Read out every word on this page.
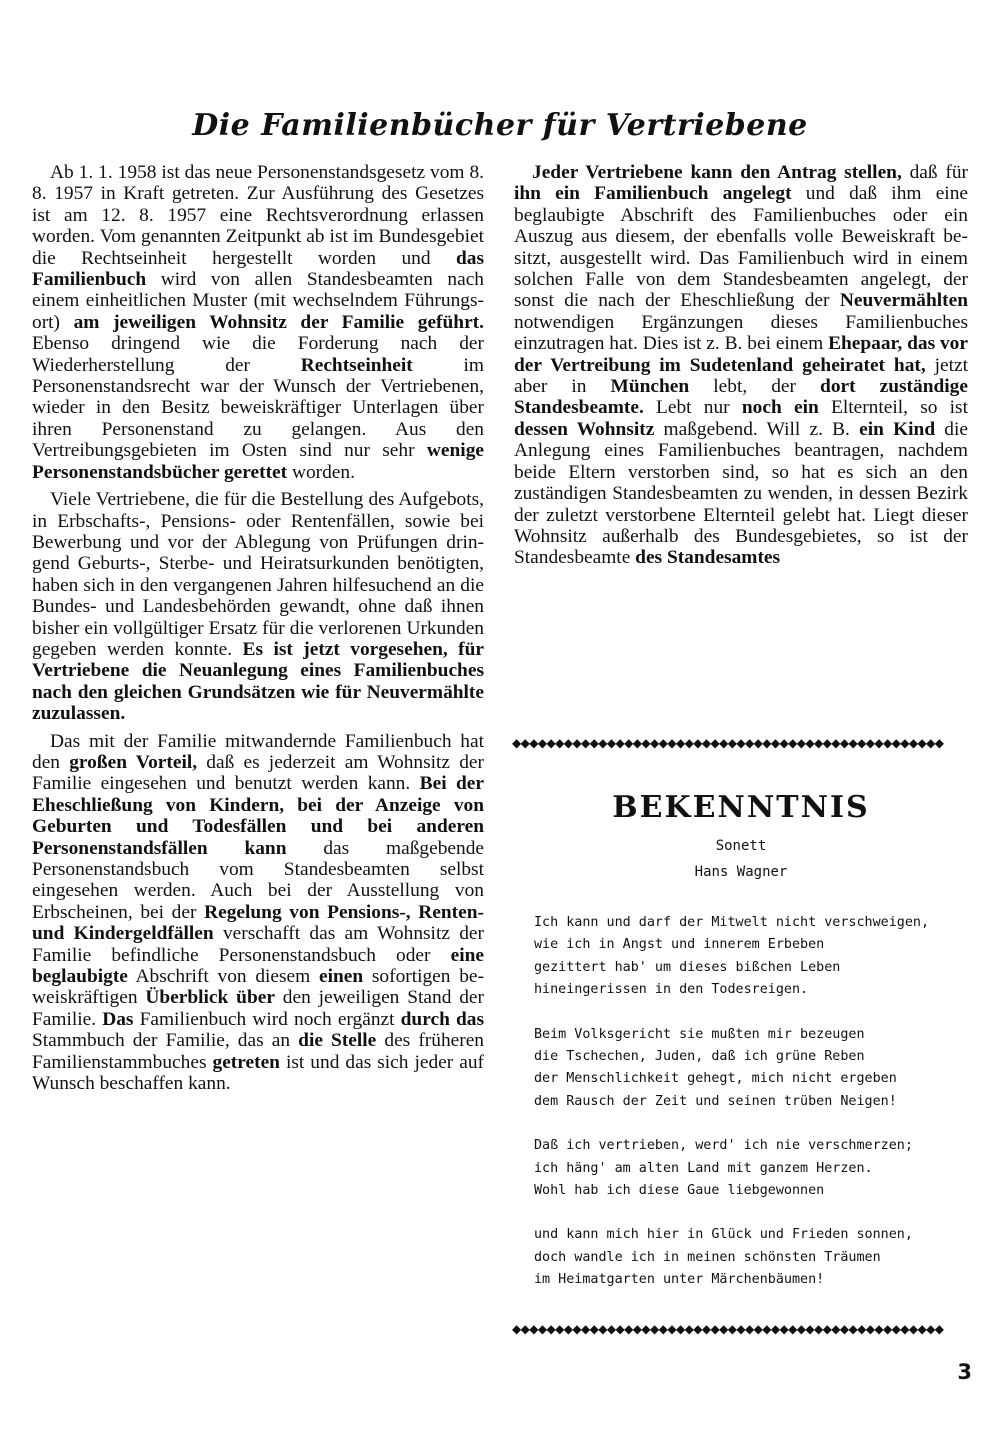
Die Familienbücher für Vertriebene

Ab 1. 1. 1958 ist das neue Personenstandsgesetz vom 8. 8. 1957 in Kraft getreten. Zur Ausführung des Gesetzes ist am 12. 8. 1957 eine Rechtsverordnung erlassen worden. Vom genannten Zeitpunkt ab ist im Bundesgebiet die Rechtseinheit hergestellt worden und das Familienbuch wird von allen Standesbeamten nach einem einheitlichen Muster (mit wechselndem Führungsort) am jeweiligen Wohnsitz der Familie geführt. Ebenso dringend wie die Forderung nach der Wiederherstellung der Rechtseinheit im Personenstandsrecht war der Wunsch der Vertriebenen, wieder in den Besitz beweiskräftiger Unterlagen über ihren Personenstand zu gelangen. Aus den Vertreibungsgebieten im Osten sind nur sehr wenige Personenstandsbücher gerettet worden.

Viele Vertriebene, die für die Bestellung des Aufgebots, in Erbschafts-, Pensions- oder Rentenfällen, sowie bei Bewerbung und vor der Ablegung von Prüfungen dringend Geburts-, Sterbe- und Heiratsurkunden benötigten, haben sich in den vergangenen Jahren hilfesuchend an die Bundes- und Landesbehörden gewandt, ohne daß ihnen bisher ein vollgültiger Ersatz für die verlorenen Urkunden gegeben werden konnte. Es ist jetzt vorgesehen, für Vertriebene die Neuanlegung eines Familienbuches nach den gleichen Grundsätzen wie für Neuvermählte zuzulassen.

Das mit der Familie mitwandernde Familienbuch hat den großen Vorteil, daß es jederzeit am Wohnsitz der Familie eingesehen und benutzt werden kann. Bei der Eheschließung von Kindern, bei der Anzeige von Geburten und Todesfällen und bei anderen Personenstandsfällen kann das maßgebende Personenstandsbuch vom Standesbeamten selbst eingesehen werden. Auch bei der Ausstellung von Erbscheinen, bei der Regelung von Pensions-, Renten- und Kindergeldfällen verschafft das am Wohnsitz der Familie befindliche Personenstandsbuch oder eine beglaubigte Abschrift von diesem einen sofortigen beweiskräftigen Überblick über den jeweiligen Stand der Familie. Das Familienbuch wird noch ergänzt durch das Stammbuch der Familie, das an die Stelle des früheren Familienstammbuches getreten ist und das sich jeder auf Wunsch beschaffen kann.

Jeder Vertriebene kann den Antrag stellen, daß für ihn ein Familienbuch angelegt und daß ihm eine beglaubigte Abschrift des Familienbuches oder ein Auszug aus diesem, der ebenfalls volle Beweiskraft besitzt, ausgestellt wird. Das Familienbuch wird in einem solchen Falle von dem Standesbeamten angelegt, der sonst die nach der Eheschließung der Neuvermählten notwendigen Ergänzungen dieses Familienbuches einzutragen hat. Dies ist z. B. bei einem Ehepaar, das vor der Vertreibung im Sudetenland geheiratet hat, jetzt aber in München lebt, der dort zuständige Standesbeamte. Lebt nur noch ein Elternteil, so ist dessen Wohnsitz maßgebend. Will z. B. ein Kind die Anlegung eines Familienbuches beantragen, nachdem beide Eltern verstorben sind, so hat es sich an den zuständigen Standesbeamten zu wenden, in dessen Bezirk der zuletzt verstorbene Elternteil gelebt hat. Liegt dieser Wohnsitz außerhalb des Bundesgebietes, so ist der Standesbeamte des Standesamtes

◆◆◆◆◆◆◆◆◆◆◆◆◆◆◆◆◆◆◆◆◆◆◆◆◆◆◆◆◆◆◆◆◆◆◆◆◆◆◆◆◆◆◆◆◆◆◆◆◆◆
BEKENNTNIS
Sonett
Hans Wagner
Ich kann und darf der Mitwelt nicht verschweigen,
wie ich in Angst und innerem Erbeben
gezittert hab' um dieses bißchen Leben
hineingerissen in den Todesreigen.
Beim Volksgericht sie mußten mir bezeugen
die Tschechen, Juden, daß ich grüne Reben
der Menschlichkeit gehegt, mich nicht ergeben
dem Rausch der Zeit und seinen trüben Neigen!
Daß ich vertrieben, werd' ich nie verschmerzen;
ich häng' am alten Land mit ganzem Herzen.
Wohl hab ich diese Gaue liebgewonnen
und kann mich hier in Glück und Frieden sonnen,
doch wandle ich in meinen schönsten Träumen
im Heimatgarten unter Märchenbäumen!
◆◆◆◆◆◆◆◆◆◆◆◆◆◆◆◆◆◆◆◆◆◆◆◆◆◆◆◆◆◆◆◆◆◆◆◆◆◆◆◆◆◆◆◆◆◆◆◆◆◆
3
